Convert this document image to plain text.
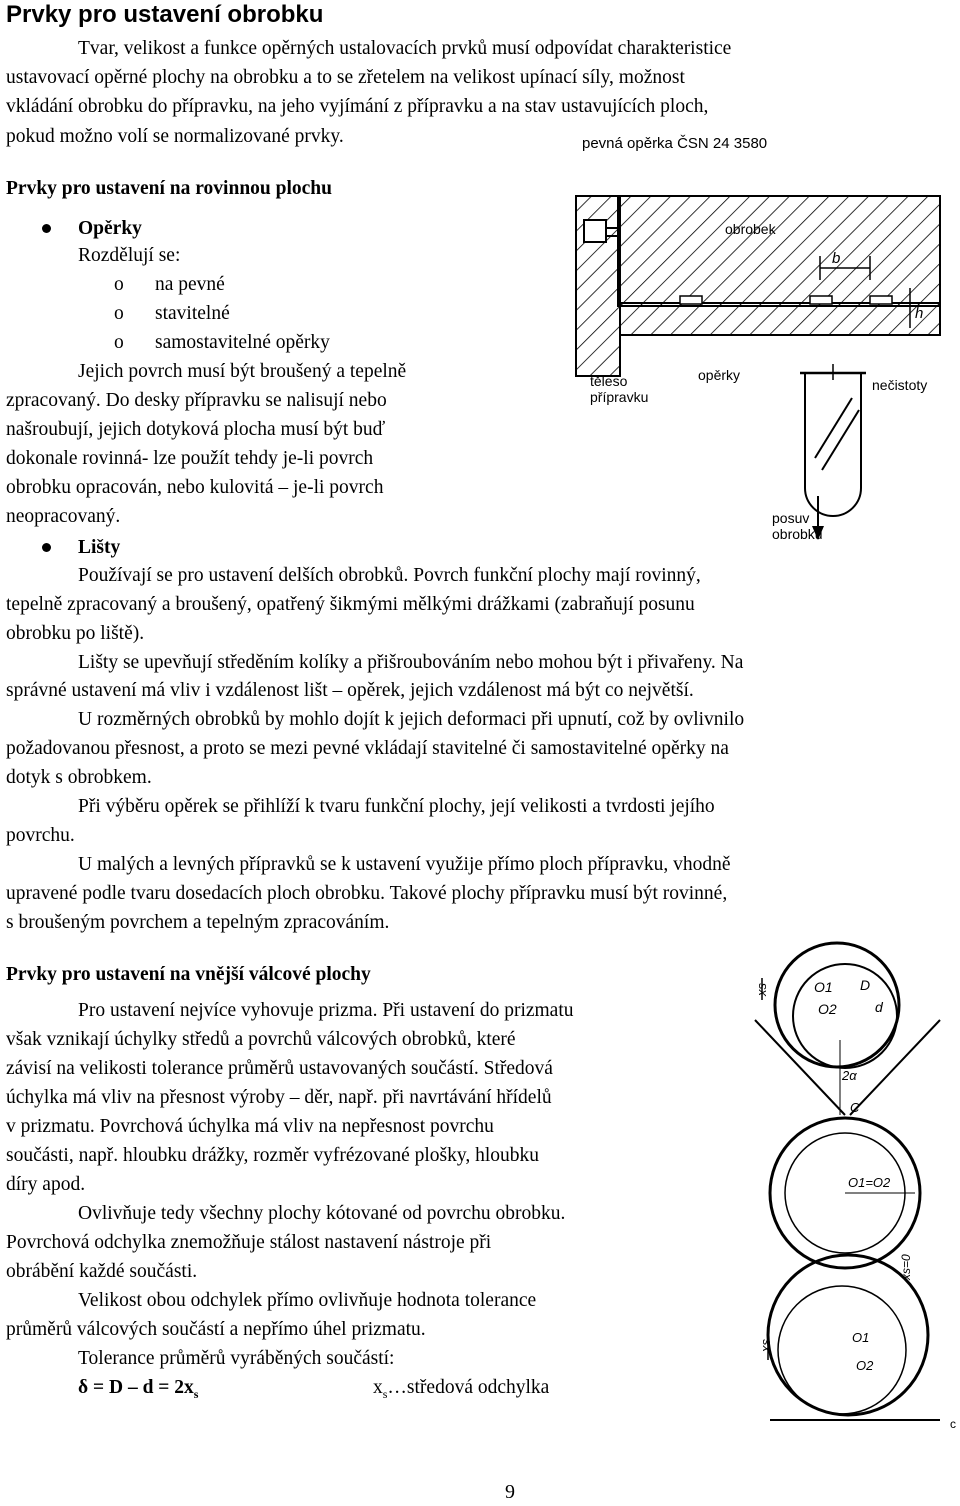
Prvky pro ustavení obrobku
Tvar, velikost a funkce opěrných ustalovacích prvků musí odpovídat charakteristice
ustavovací opěrné plochy na obrobku a to se zřetelem na velikost upínací síly, možnost
vkládání obrobku do přípravku, na jeho vyjímání z přípravku a na stav ustavujících ploch,
pokud možno volí se normalizované prvky.
Prvky pro ustavení na rovinnou plochu
Opěrky
Rozdělují se:
o na pevné
o stavitelné
o samostavitelné opěrky
Jejich povrch musí být broušený a tepelně
zpracovaný. Do desky přípravku se nalisují nebo
našroubují, jejich dotyková plocha musí být buď
dokonale rovinná- lze použít tehdy je-li povrch
obrobku opracován, nebo kulovitá – je-li povrch
neopracovaný.
Lišty
Používají se pro ustavení delších obrobků. Povrch funkční plochy mají rovinný,
tepelně zpracovaný a broušený, opatřený šikmými mělkými drážkami (zabraňují posunu
obrobku po liště).
Lišty se upevňují středěním kolíky a přišroubováním nebo mohou být i přivařeny. Na
správné ustavení má vliv i vzdálenost lišt – opěrek, jejich vzdálenost má být co největší.
U rozměrných obrobků by mohlo dojít k jejich deformaci při upnutí, což by ovlivnilo
požadovanou přesnost, a proto se mezi pevné vkládají stavitelné či samostavitelné opěrky na
dotyk s obrobkem.
Při výběru opěrek se přihlíží k tvaru funkční plochy, její velikosti a tvrdosti jejího
povrchu.
U malých a levných přípravků se k ustavení využije přímo ploch přípravku, vhodně
upravené podle tvaru dosedacích ploch obrobku. Takové plochy přípravku musí být rovinné,
s broušeným povrchem a tepelným zpracováním.
Prvky pro ustavení na vnější válcové plochy
Pro ustavení nejvíce vyhovuje prizma. Při ustavení do prizmatu
však vznikají úchylky středů a povrchů válcových obrobků, které
závisí na velikosti tolerance průměrů ustavovaných součástí. Středová
úchylka má vliv na přesnost výroby – děr, např. při navrtávání hřídelů
v prizmatu. Povrchová úchylka má vliv na nepřesnost povrchu
součásti, např. hloubku drážky, rozměr vyfrézované plošky, hloubku
díry apod.
Ovlivňuje tedy všechny plochy kótované od povrchu obrobku.
Povrchová odchylka znemožňuje stálost nastavení nástroje při
obrábění každé součásti.
Velikost obou odchylek přímo ovlivňuje hodnota tolerance
průměrů válcových součástí a nepřímo úhel prizmatu.
Tolerance průměrů vyráběných součástí:
$\delta = D - d = 2x_s$	$x_s\dots středová$ odchylka
9
pevná opěrka ČSN 24 3580
obrobek
b
h
těleso
přípravku
opěrky
nečistoty
posuv
obrobku
O1 D
O2	d
xs
2α
C
O1=O2
xs=0
O1
O2
xs
c
